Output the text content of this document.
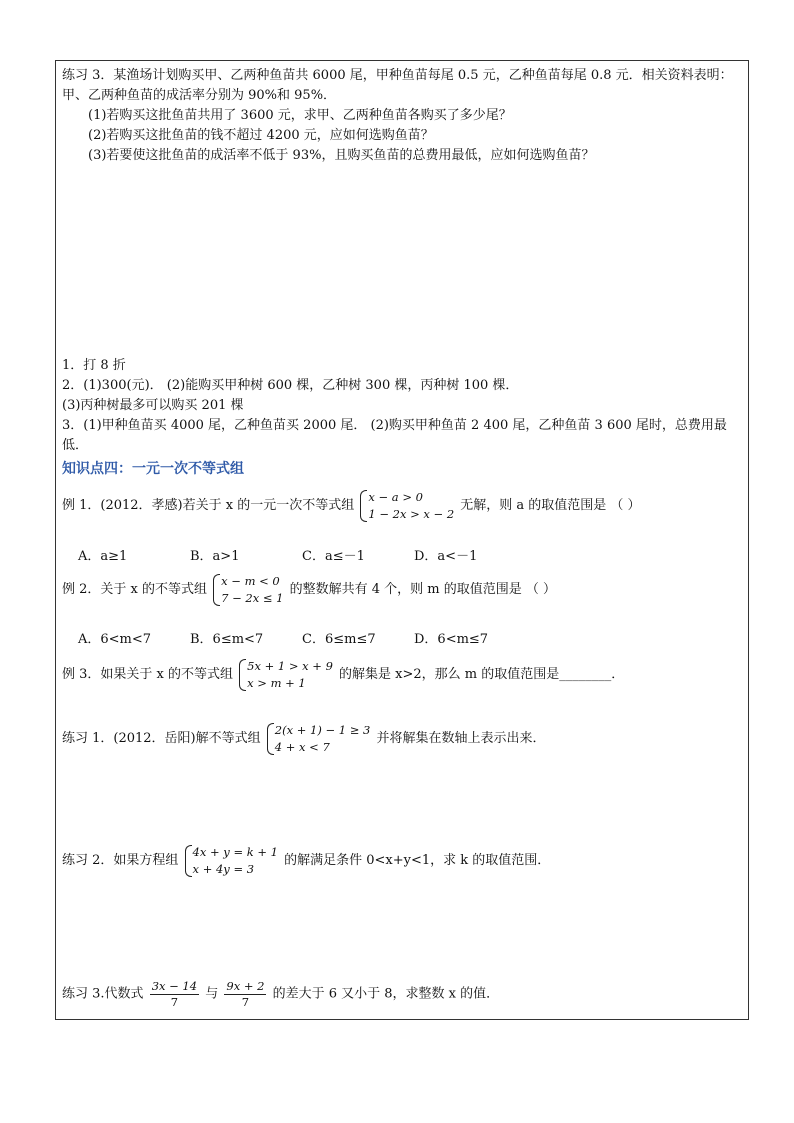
练习 3．某渔场计划购买甲、乙两种鱼苗共 6000 尾，甲种鱼苗每尾 0.5 元，乙种鱼苗每尾 0.8 元．相关资料表明：
甲、乙两种鱼苗的成活率分别为 90%和 95%．
(1)若购买这批鱼苗共用了 3600 元，求甲、乙两种鱼苗各购买了多少尾？
(2)若购买这批鱼苗的钱不超过 4200 元，应如何选购鱼苗？
(3)若要使这批鱼苗的成活率不低于 93%，且购买鱼苗的总费用最低，应如何选购鱼苗？
1．打 8 折
2．(1)300(元)． (2)能购买甲种树 600 棵，乙种树 300 棵，丙种树 100 棵．
(3)丙种树最多可以购买 201 棵
3．(1)甲种鱼苗买 4000 尾，乙种鱼苗买 2000 尾． (2)购买甲种鱼苗 2 400 尾，乙种鱼苗 3 600 尾时，总费用最
低．
知识点四：一元一次不等式组
例 1．(2012．孝感)若关于 x 的一元一次不等式组
x − a > 0
1 − 2x > x − 2
无解，则 a 的取值范围是 （ ）
A．a≥1	B．a>1	C．a≤－1	D．a<－1
例 2．关于 x 的不等式组
x − m < 0
7 − 2x ≤ 1
的整数解共有 4 个，则 m 的取值范围是 （ ）
A．6<m<7	B．6≤m<7	C．6≤m≤7	D．6<m≤7
例 3．如果关于 x 的不等式组
5x + 1 > x + 9
x > m + 1
的解集是 x>2，那么 m 的取值范围是________．
练习 1．(2012．岳阳)解不等式组
2(x + 1) − 1 ≥ 3
4 + x < 7
并将解集在数轴上表示出来．
练习 2．如果方程组
4x + y = k + 1
x + 4y = 3
的解满足条件 0<x+y<1，求 k 的取值范围．
练习 3.代数式 $\frac{3x - 14}{7}$ 与 $\frac{9x + 2}{7}$ 的差大于 6 又小于 8，求整数 x 的值．
